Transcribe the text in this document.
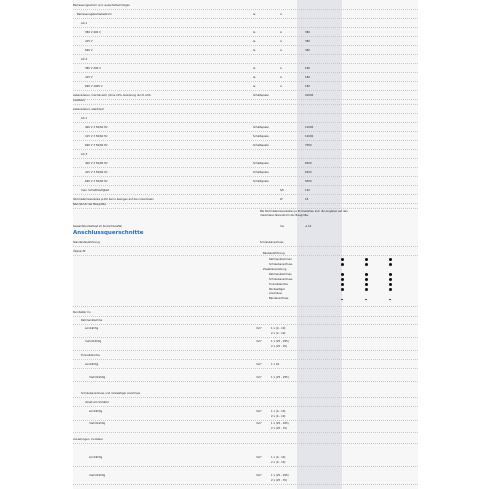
Bemessungsstrom und -ausschaltvermögen
Bemessungsbetriebsstrom	Ie	A
AC-1
380 V 400 V	Ie	A	380
415 V	Ie	A	380
690 V	Ie	A	380
AC-3
380 V 400 V	Ie	A	180
415 V	Ie	A	180
690 V 1000 V	Ie	A	180
Lebensdauer, mechanisch (ohne 10% Auslösung durch AUX-	Schaltspiele	20000
Auslöser)
Lebensdauer, elektrisch
AC-1
400 V 3 50/60 Hz	Schaltspiele	10000
415 V 3 50/60 Hz	Schaltspiele	10000
690 V 3 50/60 Hz	Schaltspiele	7500
AC-3
400 V 3 50/60 Hz	Schaltspiele	6500
415 V 3 50/60 Hz	Schaltspiele	6500
690 V 3 50/60 Hz	Schaltspiele	5000
max. Schalthäufigkeit	S/h	120
Stromwärmeverluste je Pol bei Iu bezogen auf den maximalen	W	18
Nennstrom der Baugröße
Bei Stromwärmeverlusten je Pol beziehen sich die Angaben auf den
maximalen Nennstrom der Baugröße.
Gesamtkurzzeitlast im Kurzschlussfall	ms	≤ 10
Anschlussquerschnitte
Standardausführung	Schraubanschluss
Übersicht
Basisausführung
Rahmenklemmen
Schraubanschluss
Zusatzausrüstung
Rahmenklemmen
Schraubanschluss
Tunnelklemme
Rückseitiger
Anschluss
Bandanschluss
Rundleiter Cu
Rahmenklemme
eindrähtig	mm²	1 x (4 - 10)
2 x (4 - 10)
mehrdrähtig	mm²	1 x (25 - 185)
2 x (25 - 35)
Tunnelklemme
eindrähtig	mm²	1 x 16
mehrdrähtig	mm²	1 x (25 - 185)
Schraubanschluss und rückseitiger Anschluss
direkt am Schalter
eindrähtig	mm²	1 x (4 - 10)
2 x (4 - 10)
mehrdrähtig	mm²	1 x (25 - 185)
2 x (25 - 70)
Al-Leitungen, Cu-Kabel
eindrähtig	mm²	1 x (4 - 10)
2 x (4 - 10)
mehrdrähtig	mm²	1 x (25 - 185)
2 x (25 - 70)
